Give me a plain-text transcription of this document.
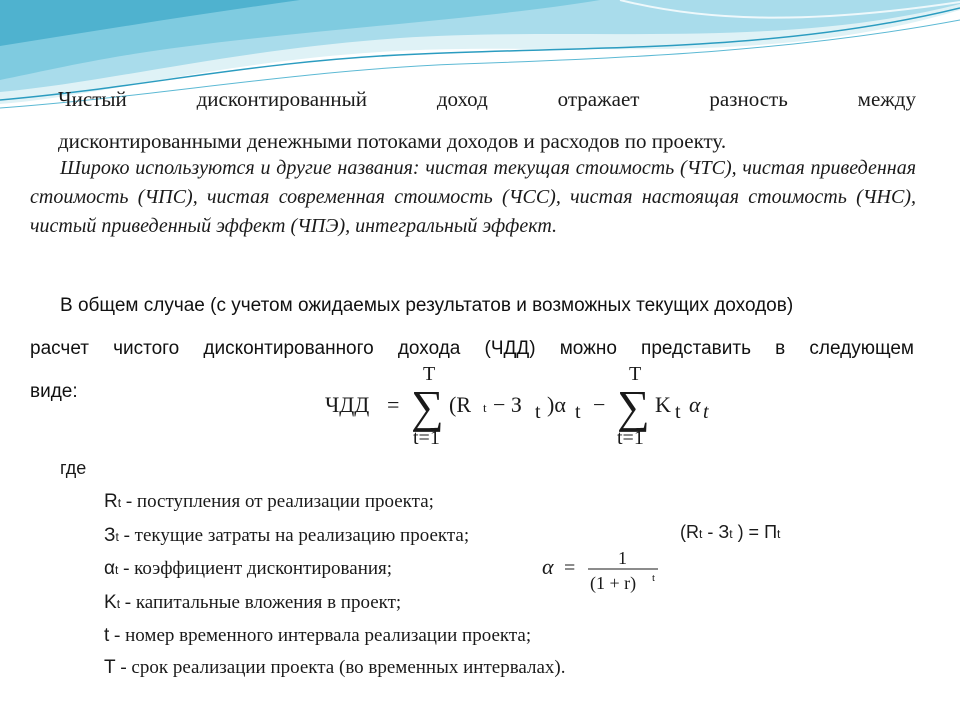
Чистый дисконтированный доход отражает разность между
дисконтированными денежными потоками доходов и расходов по проекту.
Широко используются и другие названия: чистая текущая стоимость (ЧТС), чистая приведенная стоимость (ЧПС), чистая современная стоимость (ЧСС), чистая настоящая стоимость (ЧНС), чистый приведенный эффект (ЧПЭ), интегральный эффект.
В общем случае (с учетом ожидаемых результатов и возможных текущих доходов)
расчет чистого дисконтированного дохода (ЧДД) можно представить в следующем
виде:
ЧДД =
T
∑
t=1
(R t − З t )α t −
T
∑
t=1
K t α t
где
Rt - поступления от реализации проекта;
Зt - текущие затраты на реализацию проекта;
αt - коэффициент дисконтирования;
Kt - капитальные вложения в проект;
t - номер временного интервала реализации проекта;
T - срок реализации проекта (во временных интервалах).
(Rt - Зt ) = Пt
α = 1
(1 + r) t
